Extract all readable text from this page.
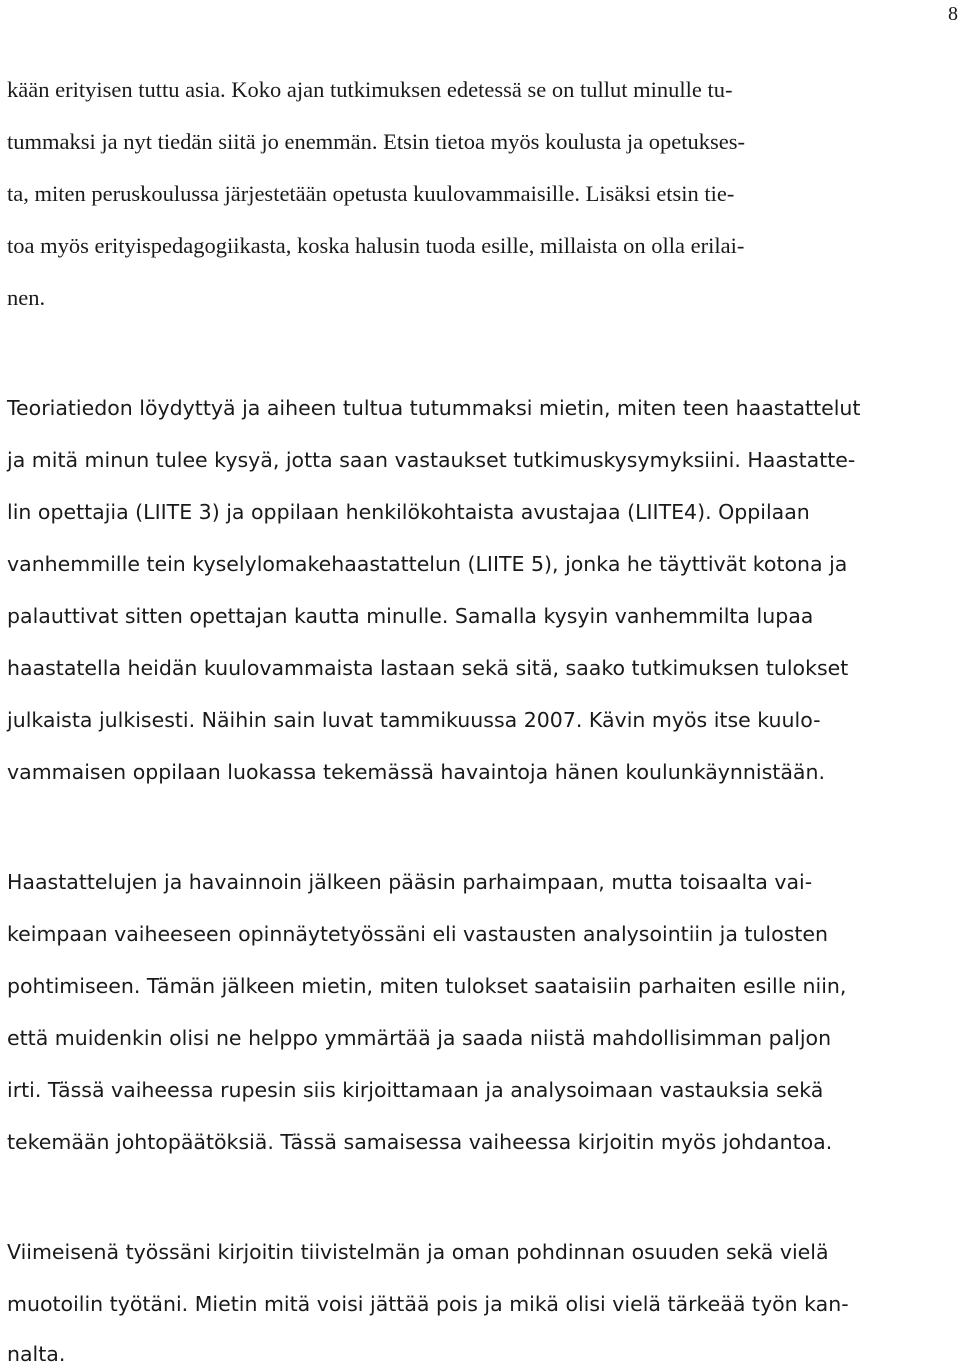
8
kään erityisen tuttu asia. Koko ajan tutkimuksen edetessä se on tullut minulle tu-
tummaksi ja nyt tiedän siitä jo enemmän. Etsin tietoa myös koulusta ja opetukses-
ta, miten peruskoulussa järjestetään opetusta kuulovammaisille. Lisäksi etsin tie-
toa myös erityispedagogiikasta, koska halusin tuoda esille, millaista on olla erilai-
nen.
Teoriatiedon löydyttyä ja aiheen tultua tutummaksi mietin, miten teen haastattelut
ja mitä minun tulee kysyä, jotta saan vastaukset tutkimuskysymyksiini. Haastatte-
lin opettajia (LIITE 3) ja oppilaan henkilökohtaista avustajaa (LIITE4). Oppilaan
vanhemmille tein kyselylomakehaastattelun (LIITE 5), jonka he täyttivät kotona ja
palauttivat sitten opettajan kautta minulle. Samalla kysyin vanhemmilta lupaa
haastatella heidän kuulovammaista lastaan sekä sitä, saako tutkimuksen tulokset
julkaista julkisesti. Näihin sain luvat tammikuussa 2007. Kävin myös itse kuulo-
vammaisen oppilaan luokassa tekemässä havaintoja hänen koulunkäynnistään.
Haastattelujen ja havainnoin jälkeen pääsin parhaimpaan, mutta toisaalta vai-
keimpaan vaiheeseen opinnäytetyössäni eli vastausten analysointiin ja tulosten
pohtimiseen. Tämän jälkeen mietin, miten tulokset saataisiin parhaiten esille niin,
että muidenkin olisi ne helppo ymmärtää ja saada niistä mahdollisimman paljon
irti. Tässä vaiheessa rupesin siis kirjoittamaan ja analysoimaan vastauksia sekä
tekemään johtopäätöksiä. Tässä samaisessa vaiheessa kirjoitin myös johdantoa.
Viimeisenä työssäni kirjoitin tiivistelmän ja oman pohdinnan osuuden sekä vielä
muotoilin työtäni. Mietin mitä voisi jättää pois ja mikä olisi vielä tärkeää työn kan-
nalta.
